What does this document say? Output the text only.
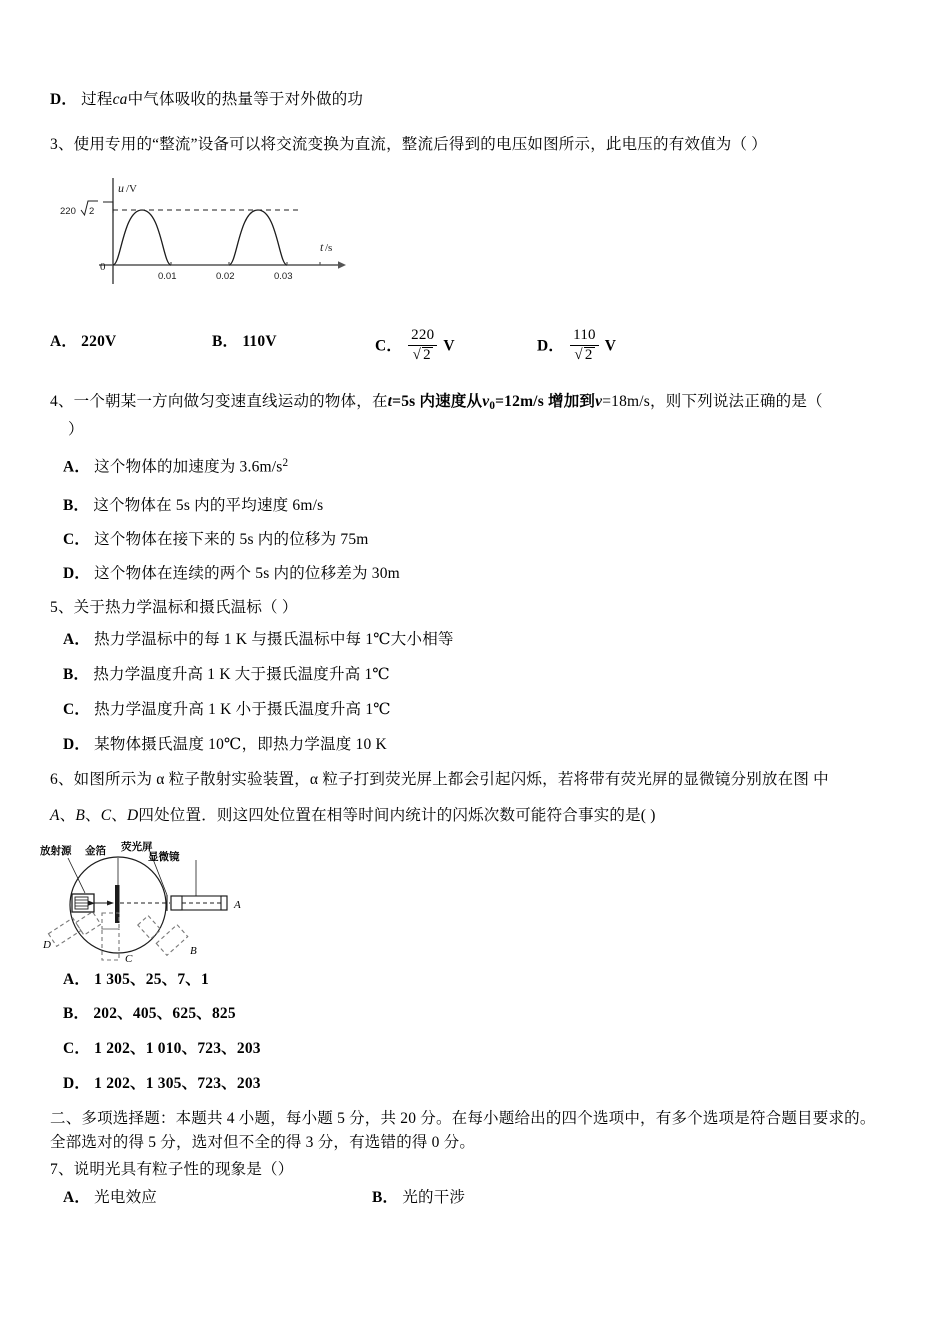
D． 过程ca中气体吸收的热量等于对外做的功
3、使用专用的“整流”设备可以将交流变换为直流，整流后得到的电压如图所示，此电压的有效值为（ ）
u /V
t /s
0
220 2
0.01	0.02	0.03
A． 220V	B． 110V	C． $\frac{220}{√ 2}$ V	D． $\frac{110}{√ 2}$ V
4、一个朝某一方向做匀变速直线运动的物体，在t=5s 内速度从$v_0=12m/s$ 增加到v=18m/s，则下列说法正确的是（
）
A． 这个物体的加速度为 $3.6m/s^2$
B． 这个物体在 5s 内的平均速度 6m/s
C． 这个物体在接下来的 5s 内的位移为 75m
D． 这个物体在连续的两个 5s 内的位移差为 30m
5、关于热力学温标和摄氏温标（ ）
A． 热力学温标中的每 1 K 与摄氏温标中每 1℃大小相等
B． 热力学温度升高 1 K 大于摄氏温度升高 1℃
C． 热力学温度升高 1 K 小于摄氏温度升高 1℃
D． 某物体摄氏温度 10℃，即热力学温度 10 K
6、如图所示为 α 粒子散射实验装置，α 粒子打到荧光屏上都会引起闪烁，若将带有荧光屏的显微镜分别放在图 中
A、B、C、D四处位置．则这四处位置在相等时间内统计的闪烁次数可能符合事实的是( )
放射源 金箔 荧光屏
显微镜
A
B
C
D
A． 1 305、25、7、1
B． 202、405、625、825
C． 1 202、1 010、723、203
D． 1 202、1 305、723、203
二、多项选择题：本题共 4 小题，每小题 5 分，共 20 分。在每小题给出的四个选项中，有多个选项是符合题目要求的。
全部选对的得 5 分，选对但不全的得 3 分，有选错的得 0 分。
7、说明光具有粒子性的现象是（）
A． 光电效应	B． 光的干涉
